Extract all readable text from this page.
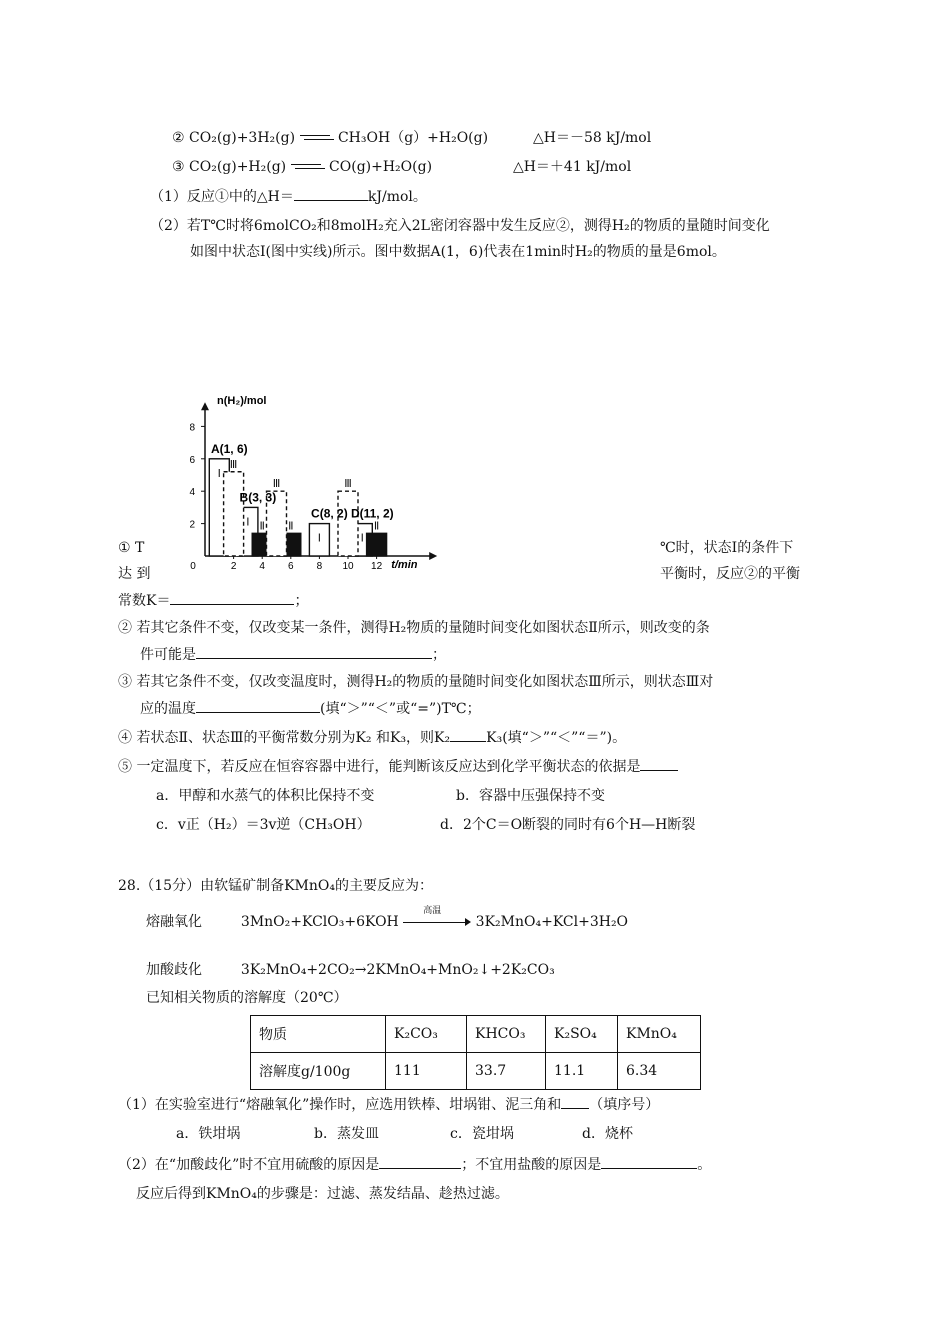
② CO₂(g)+3H₂(g)	CH₃OH（g）+H₂O(g)	△H＝－58 kJ/mol
③ CO₂(g)+H₂(g)	CO(g)+H₂O(g)	△H＝＋41 kJ/mol
（1）反应①中的△H＝	kJ/mol。
（2）若T℃时将6molCO₂和8molH₂充入2L密闭容器中发生反应②，测得H₂的物质的量随时间变化
如图中状态Ⅰ(图中实线)所示。图中数据A(1，6)代表在1min时H₂的物质的量是6mol。
n(H₂)/mol
t/min
2
4
6
8
0	2 4 6 8 10 12
Ⅰ
Ⅰ
Ⅰ	Ⅰ
Ⅱ Ⅱ	Ⅱ
Ⅲ
Ⅲ	Ⅲ
A(1, 6)
B(3, 3)
C(8, 2) D(11, 2)
① T	℃时，状态Ⅰ的条件下
达 到	平衡时，反应②的平衡
常数K＝	；
② 若其它条件不变，仅改变某一条件，测得H₂物质的量随时间变化如图状态Ⅱ所示，则改变的条
件可能是	；
③ 若其它条件不变，仅改变温度时，测得H₂的物质的量随时间变化如图状态Ⅲ所示，则状态Ⅲ对
应的温度	(填“＞”“＜”或“=”)T℃；
④ 若状态Ⅱ、状态Ⅲ的平衡常数分别为K₂ 和K₃，则K₂	K₃(填“＞”“＜”“＝”)。
⑤ 一定温度下，若反应在恒容容器中进行，能判断该反应达到化学平衡状态的依据是
a．甲醇和水蒸气的体积比保持不变	b．容器中压强保持不变
c．v正（H₂）＝3v逆（CH₃OH）	d．2个C＝O断裂的同时有6个H—H断裂
28.（15分）由软锰矿制备KMnO₄的主要反应为：
熔融氧化	3MnO₂+KClO₃+6KOH
高温
3K₂MnO₄+KCl+3H₂O
加酸歧化	3K₂MnO₄+2CO₂→2KMnO₄+MnO₂↓+2K₂CO₃
已知相关物质的溶解度（20℃）
物质	K₂CO₃	KHCO₃	K₂SO₄	KMnO₄
溶解度g/100g	111	33.7	11.1	6.34
（1）在实验室进行“熔融氧化”操作时，应选用铁棒、坩埚钳、泥三角和 （填序号）
a．铁坩埚	b．蒸发皿	c．瓷坩埚	d．烧杯
（2）在“加酸歧化”时不宜用硫酸的原因是	；不宜用盐酸的原因是	。
反应后得到KMnO₄的步骤是：过滤、蒸发结晶、趁热过滤。
